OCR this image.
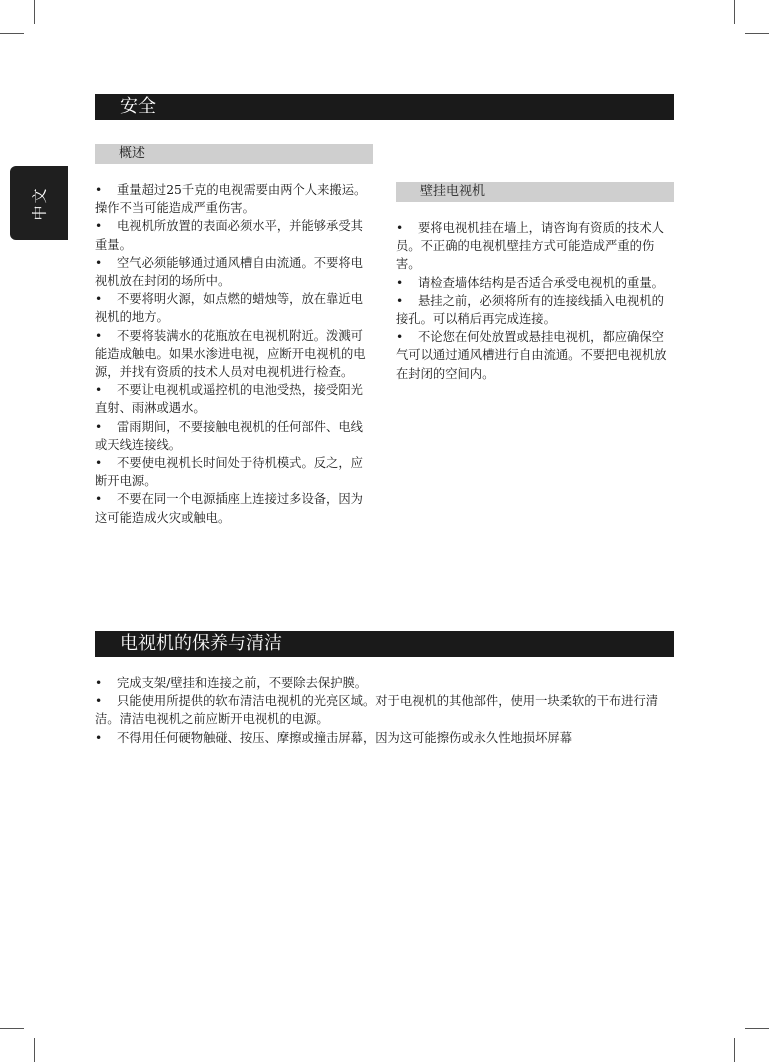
中文
安全
概述

• 重量超过25千克的电视需要由两个人来搬运。操作不当可能造成严重伤害。

• 电视机所放置的表面必须水平，并能够承受其重量。

• 空气必须能够通过通风槽自由流通。不要将电视机放在封闭的场所中。

• 不要将明火源，如点燃的蜡烛等，放在靠近电视机的地方。

• 不要将装满水的花瓶放在电视机附近。泼溅可能造成触电。如果水渗进电视，应断开电视机的电源，并找有资质的技术人员对电视机进行检查。

• 不要让电视机或遥控机的电池受热，接受阳光直射、雨淋或遇水。

• 雷雨期间，不要接触电视机的任何部件、电线或天线连接线。

• 不要使电视机长时间处于待机模式。反之，应断开电源。

• 不要在同一个电源插座上连接过多设备，因为这可能造成火灾或触电。

壁挂电视机

• 要将电视机挂在墙上，请咨询有资质的技术人员。不正确的电视机壁挂方式可能造成严重的伤害。

• 请检查墙体结构是否适合承受电视机的重量。

• 悬挂之前，必须将所有的连接线插入电视机的接孔。可以稍后再完成连接。

• 不论您在何处放置或悬挂电视机，都应确保空气可以通过通风槽进行自由流通。不要把电视机放在封闭的空间内。

电视机的保养与清洁

• 完成支架/壁挂和连接之前，不要除去保护膜。

• 只能使用所提供的软布清洁电视机的光亮区域。对于电视机的其他部件，使用一块柔软的干布进行清洁。清洁电视机之前应断开电视机的电源。

• 不得用任何硬物触碰、按压、摩擦或撞击屏幕，因为这可能擦伤或永久性地损坏屏幕
